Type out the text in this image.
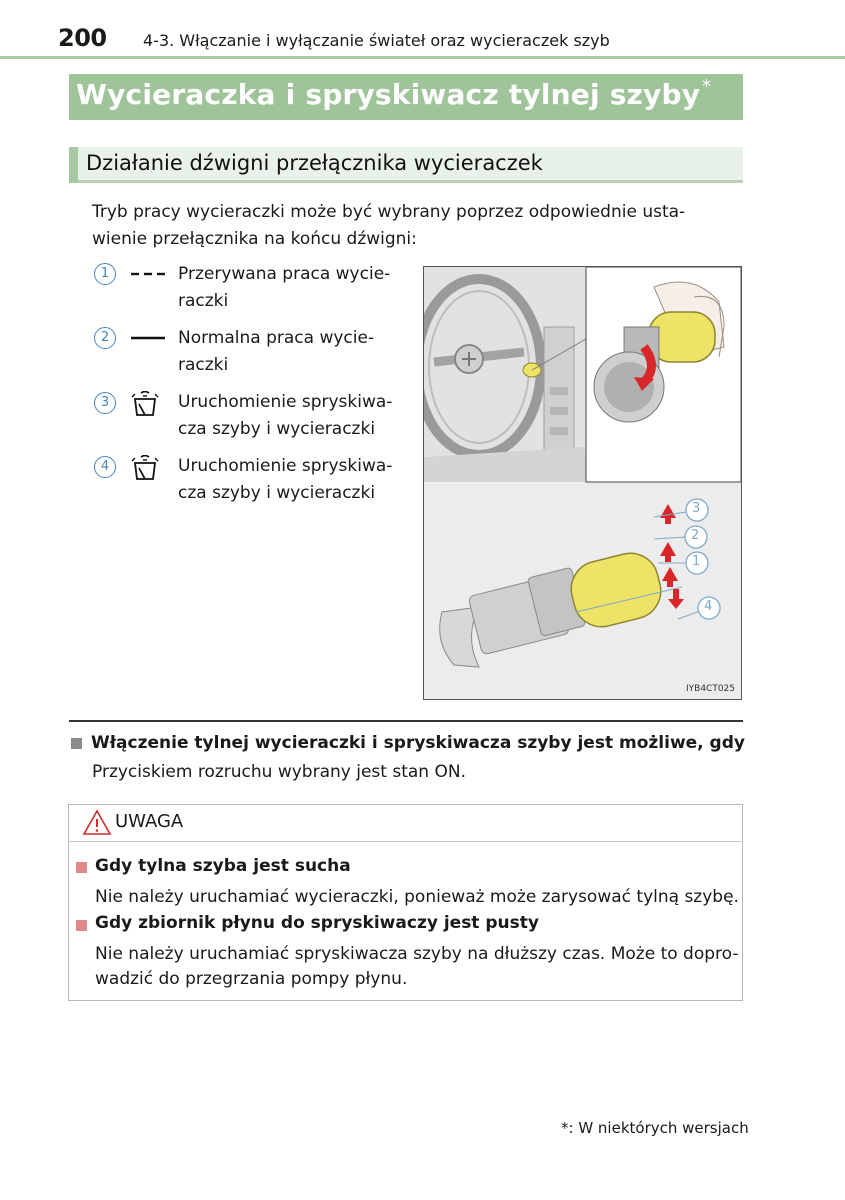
200 4-3. Włączanie i wyłączanie świateł oraz wycieraczek szyb
Wycieraczka i spryskiwacz tylnej szyby *
Działanie dźwigni przełącznika wycieraczek
Tryb pracy wycieraczki może być wybrany poprzez odpowiednie usta-
wienie przełącznika na końcu dźwigni:
1	Przerywana praca wycie-
raczki
2	Normalna praca wycie-
raczki
3	Uruchomienie spryskiwa-
cza szyby i wycieraczki
4	Uruchomienie spryskiwa-
cza szyby i wycieraczki
3
2
1
4
IYB4CT025
Włączenie tylnej wycieraczki i spryskiwacza szyby jest możliwe, gdy
Przyciskiem rozruchu wybrany jest stan ON.
UWAGA
Gdy tylna szyba jest sucha
Nie należy uruchamiać wycieraczki, ponieważ może zarysować tylną szybę.
Gdy zbiornik płynu do spryskiwaczy jest pusty
Nie należy uruchamiać spryskiwacza szyby na dłuższy czas. Może to dopro-
wadzić do przegrzania pompy płynu.
*: W niektórych wersjach
